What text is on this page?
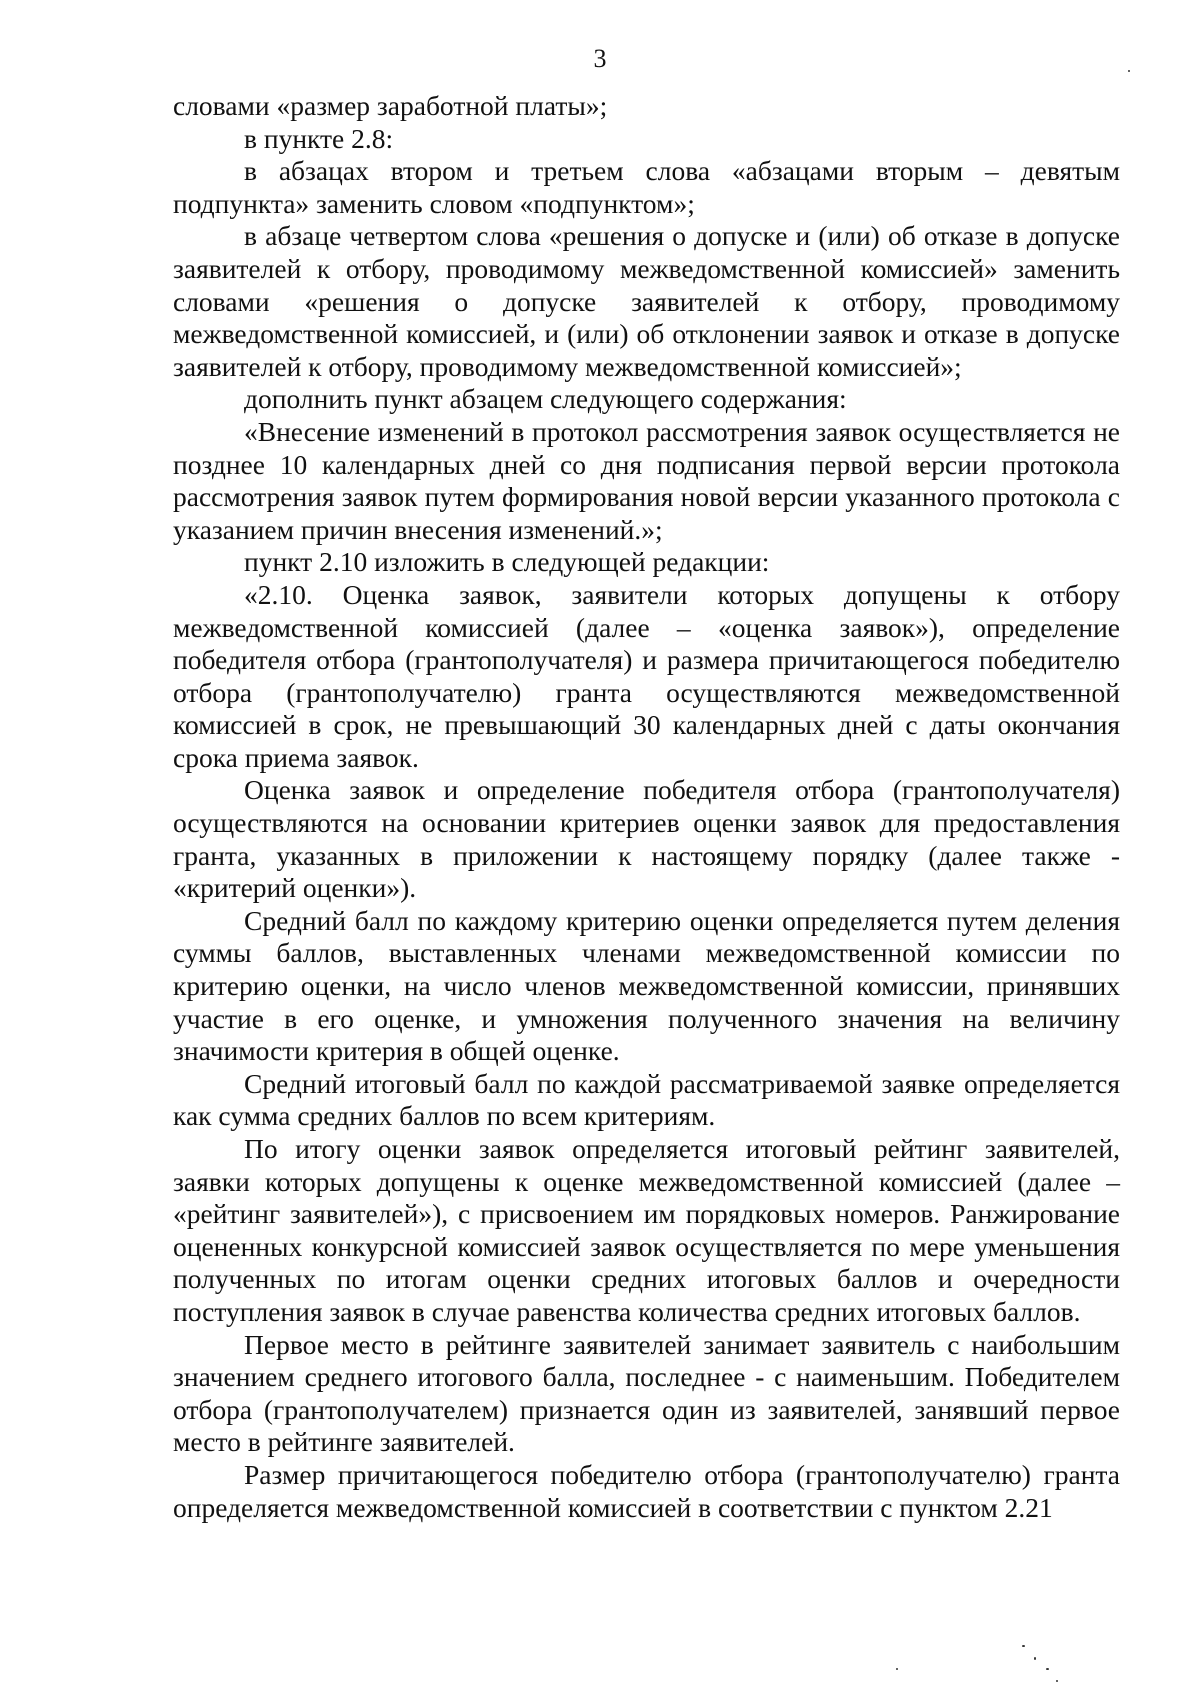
3

словами «размер заработной платы»;

в пункте 2.8:

в абзацах втором и третьем слова «абзацами вторым – девятым подпункта» заменить словом «подпунктом»;

в абзаце четвертом слова «решения о допуске и (или) об отказе в допуске заявителей к отбору, проводимому межведомственной комиссией» заменить словами «решения о допуске заявителей к отбору, проводимому межведомственной комиссией, и (или) об отклонении заявок и отказе в допуске заявителей к отбору, проводимому межведомственной комиссией»;

дополнить пункт абзацем следующего содержания:

«Внесение изменений в протокол рассмотрения заявок осуществляется не позднее 10 календарных дней со дня подписания первой версии протокола рассмотрения заявок путем формирования новой версии указанного протокола с указанием причин внесения изменений.»;

пункт 2.10 изложить в следующей редакции:

«2.10. Оценка заявок, заявители которых допущены к отбору межведомственной комиссией (далее – «оценка заявок»), определение победителя отбора (грантополучателя) и размера причитающегося победителю отбора (грантополучателю) гранта осуществляются межведомственной комиссией в срок, не превышающий 30 календарных дней с даты окончания срока приема заявок.

Оценка заявок и определение победителя отбора (грантополучателя) осуществляются на основании критериев оценки заявок для предоставления гранта, указанных в приложении к настоящему порядку (далее также - «критерий оценки»).

Средний балл по каждому критерию оценки определяется путем деления суммы баллов, выставленных членами межведомственной комиссии по критерию оценки, на число членов межведомственной комиссии, принявших участие в его оценке, и умножения полученного значения на величину значимости критерия в общей оценке.

Средний итоговый балл по каждой рассматриваемой заявке определяется как сумма средних баллов по всем критериям.

По итогу оценки заявок определяется итоговый рейтинг заявителей, заявки которых допущены к оценке межведомственной комиссией (далее – «рейтинг заявителей»), с присвоением им порядковых номеров. Ранжирование оцененных конкурсной комиссией заявок осуществляется по мере уменьшения полученных по итогам оценки средних итоговых баллов и очередности поступления заявок в случае равенства количества средних итоговых баллов.

Первое место в рейтинге заявителей занимает заявитель с наибольшим значением среднего итогового балла, последнее - с наименьшим. Победителем отбора (грантополучателем) признается один из заявителей, занявший первое место в рейтинге заявителей.

Размер причитающегося победителю отбора (грантополучателю) гранта определяется межведомственной комиссией в соответствии с пунктом 2.21
